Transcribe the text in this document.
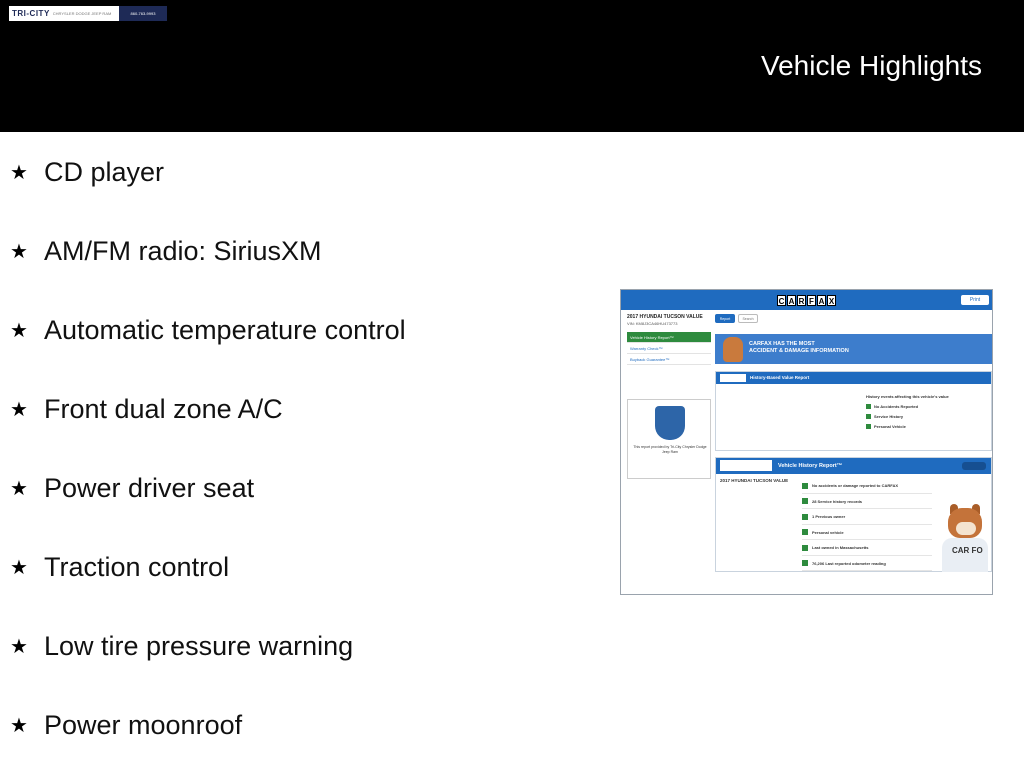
TRI-CITY CHRYSLER DODGE JEEP RAM	860-763-9993
Vehicle Highlights
★ CD player
★ AM/FM radio: SiriusXM
★ Automatic temperature control
★ Front dual zone A/C
★ Power driver seat
★ Traction control
★ Low tire pressure warning
★ Power moonroof
C A R F A X	Print
2017 HYUNDAI TUCSON VALUE
VIN: KM8J3CA46HU473773
Vehicle History Report™
Warranty Check™
Buyback Guarantee™
This report provided by Tri-City Chrysler Dodge Jeep Ram
Report	Search
CARFAX HAS THE MOST
ACCIDENT & DAMAGE INFORMATION
History-Based Value Report
History events affecting this vehicle's value
No Accidents Reported
Service History
Personal Vehicle
Vehicle History Report™
2017 HYUNDAI TUCSON VALUE
No accidents or damage reported to CARFAX
28 Service history records
1 Previous owner
Personal vehicle
Last owned in Massachusetts
76,206 Last reported odometer reading
CAR FO
